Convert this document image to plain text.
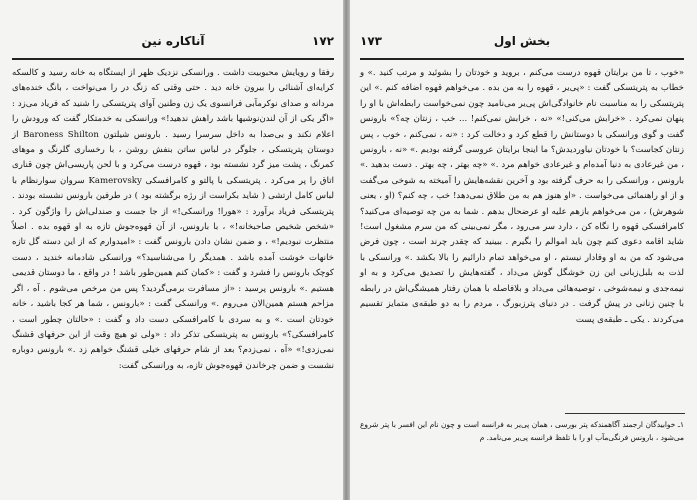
۱۷۲
آناکاره نین

رفقا و رویایش محبوبیت داشت . ورانسکی نزدیک ظهر از ایستگاه به خانه رسید و کالسکه کرایه‌ای آشنائی را بیرون خانه دید . حتی وقتی که زنگ در را می‌نواخت ، بانگ خنده‌های مردانه و صدای نوکرمآبی فرانسوی یک زن وطنین آوای پتریتسکی را شنید که فریاد می‌زد : «اگر یکی از آن لندن‌نوشیها باشد راهش ندهید!» ورانسکی به خدمتکار گفت که ورودش را اعلام نکند و بی‌صدا به داخل سرسرا رسید . بارونس شیلتون Baroness Shilton از دوستان پتریتسکی ، جلوگر در لباس ساتن بنفش روشن ، با رخساری گلرنگ و موهای کمرنگ ، پشت میز گرد نشسته بود ، قهوه درست می‌کرد و با لحن پاریسی‌اش چون قناری اتاق را پر می‌کرد . پتریتسکی با پالتو و کامرافسکی Kamerovsky سروان سوارنظام با لباس کامل ارتشی ( شاید بکراست از رژه برگشته بود ) در طرفین بارونس نشسته بودند . پتریتسکی فریاد برآورد : «هورا! ورانسکی!» از جا جست و صندلی‌اش را واژگون کرد . «شخص شخیص صاحبخانه!» ، با بارونس، از آن قهوه‌جوش تازه به او قهوه بده . اصلاً منتظرت نبودیم!» ، و ضمن نشان دادن بارونس گفت : «امیدوارم که از این دسته گل تازه خانهات خوشت آمده باشد . همدیگر را می‌شناسید؟» ورانسکی شادمانه خندید ، دست کوچک بارونس را فشرد و گفت : «کمان کنم همین‌طور باشد ! در واقع ، ما دوستان قدیمی هستیم .» بارونس پرسید : «از مسافرت برمی‌گردید؟ پس من مرخص می‌شوم . آه ، اگر مزاحم هستم همین‌الان می‌روم .» ورانسکی گفت : «بارونس ، شما هر کجا باشید ، خانه خودتان است .» و به سردی با کامرافسکی دست داد و گفت : «حالتان چطور است ، کامرافسکی؟» بارونس به پتریتسکی تذکر داد : «ولی تو هیچ وقت از این حرفهای قشنگ نمی‌زدی!» «آه ، نمی‌زدم؟ بعد از شام حرفهای خیلی قشنگ خواهم زد .» بارونس دوباره نشست و ضمن چرخاندن قهوه‌جوش تازه، به ورانسکی گفت:

۱۷۳	بخش اول

«خوب ، تا من برایتان قهوه درست می‌کنم ، بروید و خودتان را بشوئید و مرتب کنید .» و خطاب به پتریتسکی گفت : «پی‌یر ، قهوه را به من بده . می‌خواهم قهوه اضافه کنم .» این پتریتسکی را به مناسبت نام خانوادگی‌اش پی‌یر می‌نامید چون نمی‌خواست رابطه‌اش با او را پنهان نمی‌کرد . «خرابش می‌کنی!» «نه ، خرابش نمی‌کنم! ... خب ، زنتان چه؟» بارونس گفت و گوی ورانسکی با دوستانش را قطع کرد و دخالت کرد : «نه ، نمی‌کنم ، خوب ، پس زنتان کجاست؟ با خودتان نیاوردیدش؟ ما اینجا برایتان عروسی گرفته بودیم .» «نه ، بارونس ، من غیرعادی به دنیا آمده‌ام و غیرعادی خواهم مرد .» «چه بهتر ، چه بهتر . دست بدهید .» بارونس ، ورانسکی را به حرف گرفته بود و آخرین نقشه‌هایش را آمیخته به شوخی می‌گفت و از او راهنمائی می‌خواست . «او هنوز هم به من طلاق نمی‌دهد! خب ، چه کنم؟ (او ، یعنی شوهرش) ، من می‌خواهم بازهم علیه او عرضحال بدهم . شما به من چه توصیه‌ای می‌کنید؟ کامرافسکی قهوه را نگاه کن ، دارد سر می‌رود ، مگر نمی‌بینی که من سرم مشغول است! شاید اقامه دعوی کنم چون باید اموالم را بگیرم . ببینید که چقدر چرند است ، چون فرض می‌شود که من به او وفادار نیستم ، او می‌خواهد تمام دارائیم را بالا بکشد .» ورانسکی با لذت به بلبل‌زبانی این زن خوشگل گوش می‌داد ، گفته‌هایش را تصدیق می‌کرد و به او نیمه‌جدی و نیمه‌شوخی ، توصیه‌هائی می‌داد و بلافاصله با همان رفتار همیشگی‌اش در رابطه با چنین زنانی در پیش گرفت . در دنیای پترزبورگ ، مردم را به دو طبقه‌ی متمایز تقسیم می‌کردند . یکی ـ طبقه‌ی پست

۱ـ خوابیدگان ارجمند آگاهمندکه پتر بورسی ، همان پی‌یر به فرانسه است و چون نام این افسر با پتر شروع می‌شود ، بارونس فرنگی‌مآب او را با تلفظ فرانسه پی‌یر می‌نامد. م
